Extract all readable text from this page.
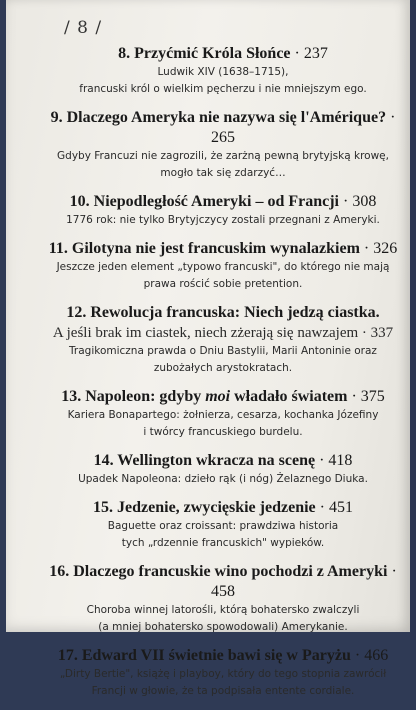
/ 8 /
8. Przyćmić Króla Słońce · 237

Ludwik XIV (1638–1715),
francuski król o wielkim pęcherzu i nie mniejszym ego.

9. Dlaczego Ameryka nie nazywa się l'Amérique? · 265

Gdyby Francuzi nie zagrozili, że zarżną pewną brytyjską krowę,
mogło tak się zdarzyć…

10. Niepodległość Ameryki – od Francji · 308

1776 rok: nie tylko Brytyjczycy zostali przegnani z Ameryki.

11. Gilotyna nie jest francuskim wynalazkiem · 326

Jeszcze jeden element „typowo francuski", do którego nie mają
prawa rościć sobie pretention.

12. Rewolucja francuska: Niech jedzą ciastka.

A jeśli brak im ciastek, niech zżerają się nawzajem · 337

Tragikomiczna prawda o Dniu Bastylii, Marii Antoninie oraz
zubożałych arystokratach.

13. Napoleon: gdyby moi władało światem · 375

Kariera Bonapartego: żołnierza, cesarza, kochanka Józefiny
i twórcy francuskiego burdelu.

14. Wellington wkracza na scenę · 418

Upadek Napoleona: dzieło rąk (i nóg) Żelaznego Diuka.

15. Jedzenie, zwycięskie jedzenie · 451

Baguette oraz croissant: prawdziwa historia
tych „rdzennie francuskich" wypieków.

16. Dlaczego francuskie wino pochodzi z Ameryki · 458

Choroba winnej latorośli, którą bohatersko zwalczyli
(a mniej bohatersko spowodowali) Amerykanie.

17. Edward VII świetnie bawi się w Paryżu · 466

„Dirty Bertie", książę i playboy, który do tego stopnia zawrócił
Francji w głowie, że ta podpisała entente cordiale.
